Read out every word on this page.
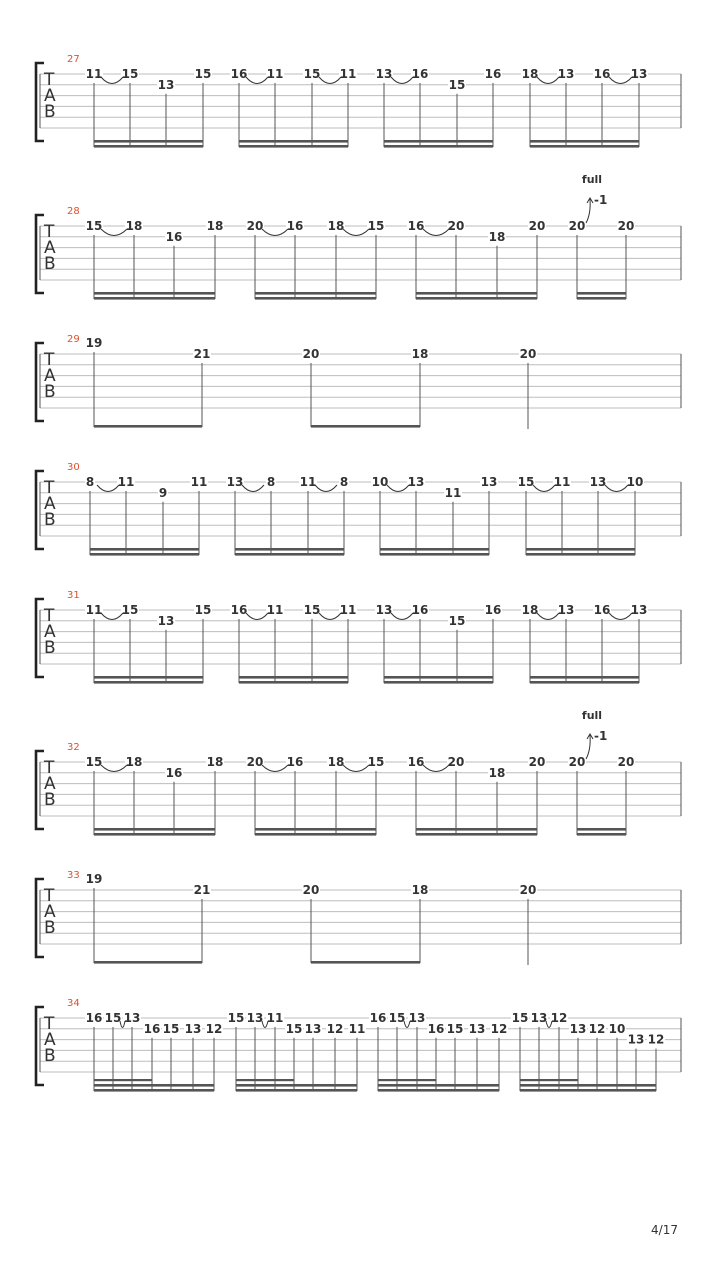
T
A
B
27
11 15
13
15 16 11 15 11 13 16
15
16 18 13 16 13
T
A
B
28
15 18
16
18 20 16 18 15 16 20
18
20 20	20
full
-1
T
A
B
29 19
21	20	18	20
T
A
B
30
8 11
9
11 13 8 11 8 10 13
11
13 15 11 13 10
T
A
B
31
11 15
13
15 16 11 15 11 13 16
15
16 18 13 16 13
T
A
B
32
15 18
16
18 20 16 18 15 16 20
18
20 20	20
full
-1
T
A
B
33 19
21	20	18	20
T
A
B
34
16 15 13
16 15 13 12
15 13 11
15 13 12 11
16 15 13
16 15 13 12
15 13 12
13 12 10
13 12
4/17
